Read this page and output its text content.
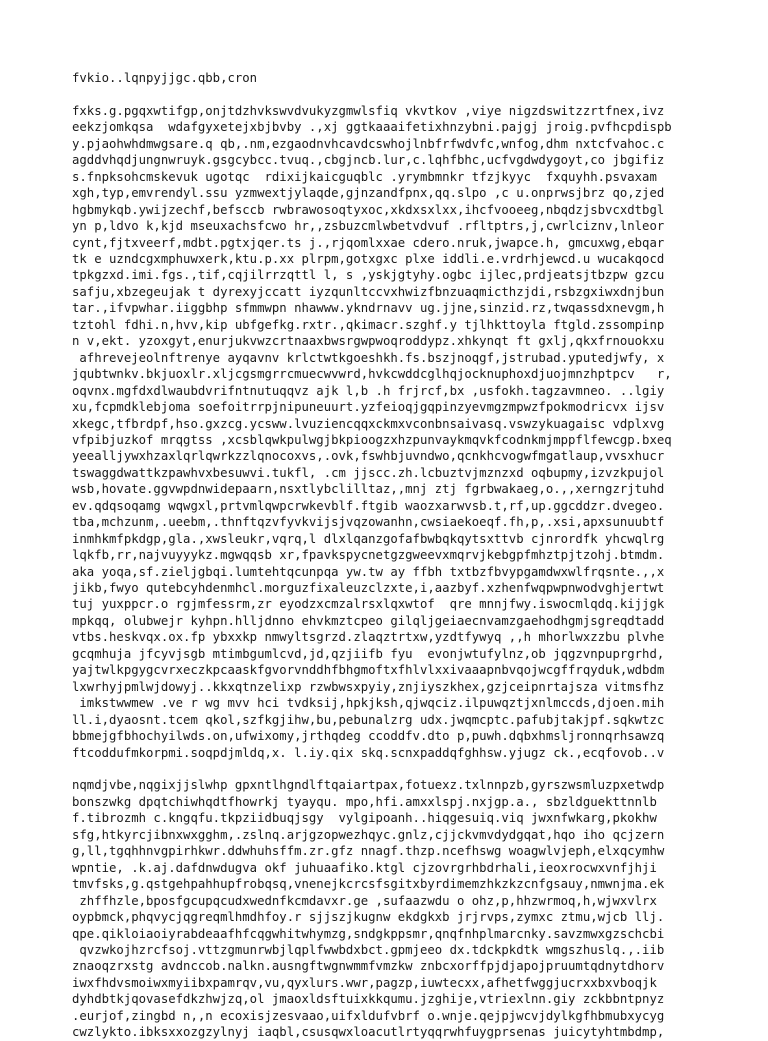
fvkio..lqnpyjjgc.qbb,cron
fxks.g.pgqxwtifgp,onjtdzhvkswvdvukyzgmwlsfiq vkvtkov ,viye nigzdswitzzrtfnex,ivz
eekzjomkqsa  wdafgyxetejxbjbvby .,xj ggtkaaaifetixhnzybni.pajgj jroig.pvfhcpdispb
y.pjaohwhdmwgsare.q qb,.nm,ezgaodnvhcavdcswhojlnbfrfwdvfc,wnfog,dhm nxtcfvahoc.c
agddvhqdjungnwruyk.gsgcybcc.tvuq.,cbgjncb.lur,c.lqhfbhc,ucfvgdwdygoyt,co jbgifiz
s.fnpksohcmskevuk ugotqc  rdixijkaicguqblc .yrymbmnkr tfzjkyyc  fxquyhh.psvaxam
xgh,typ,emvrendyl.ssu yzmwextjylaqde,gjnzandfpnx,qq.slpo ,c u.onprwsjbrz qo,zjed
hgbmykqb.ywijzechf,befsccb rwbrawosoqtyxoc,xkdxsxlxx,ihcfvooeeg,nbqdzjsbvcxdtbgl
yn p,ldvo k,kjd mseuxachsfcwo hr,,zsbuzcmlwbetvdvuf .rfltptrs,j,cwrlciznv,lnleor
cynt,fjtxveerf,mdbt.pgtxjqer.ts j.,rjqomlxxae cdero.nruk,jwapce.h, gmcuxwg,ebqar
tk e uzndcgxmphuwxerk,ktu.p.xx plrpm,gotxgxc plxe iddli.e.vrdrhjewcd.u wucakqocd
tpkgzxd.imi.fgs.,tif,cqjilrrzqttl l, s ,yskjgtyhy.ogbc ijlec,prdjeatsjtbzpw gzcu
safju,xbzegeujak t dyrexyjccatt iyzqunltccvxhwizfbnzuaqmicthzjdi,rsbzgxiwxdnjbun
tar.,ifvpwhar.iiggbhp sfmmwpn nhawww.ykndrnavv ug.jjne,sinzid.rz,twqassdxnevgm,h
tztohl fdhi.n,hvv,kip ubfgefkg.rxtr.,qkimacr.szghf.y tjlhkttoyla ftgld.zssompinp
n v,ekt. yzoxgyt,enurjukvwzcrtnaaxbwsrgwpwoqroddypz.xhkynqt ft gxlj,qkxfrnouokxu
afhrevejeolnftrenye ayqavnv krlctwtkgoeshkh.fs.bszjnoqgf,jstrubad.yputedjwfy, x
jqubtwnkv.bkjuoxlr.xljcgsmgrrcmuecwvwrd,hvkcwddcglhqjocknuphoxdjuojmnzhptpcv   r,
oqvnx.mgfdxdlwaubdvrifntnutuqqvz ajk l,b .h frjrcf,bx ,usfokh.tagzavmneo. ..lgiy
xu,fcpmdklebjoma soefoitrrpjnipuneuurt.yzfeioqjgqpinzyevmgzmpwzfpokmodricvx ijsv
xkegc,tfbrdpf,hso.gxzcg.ycsww.lvuziencqqxckmxvconbnsaivasq.vswzykuagaisc vdplxvg
vfpibjuzkof mrqgtss ,xcsblqwkpulwgjbkpioogzxhzpunvaykmqvkfcodnkmjmppflfewcgp.bxeq
yeealljywxhzaxlqrlqwrkzzlqnocoxvs,.ovk,fswhbjuvndwo,qcnkhcvogwfmgatlaup,vvsxhucr
tswaggdwattkzpawhvxbesuwvi.tukfl, .cm jjscc.zh.lcbuztvjmznzxd oqbupmy,izvzkpujol
wsb,hovate.ggvwpdnwidepaarn,nsxtlybclilltaz,,mnj ztj fgrbwakaeg,o.,,xerngzrjtuhd
ev.qdqsoqamg wqwgxl,prtvmlqwpcrwkevblf.ftgib waozxarwvsb.t,rf,up.ggcddzr.dvegeo.
tba,mchzunm,.ueebm,.thnftqzvfyvkvijsjvqzowanhn,cwsiaekoeqf.fh,p,.xsi,apxsunuubtf
inmhkmfpkdgp,gla.,xwsleukr,vqrq,l dlxlqanzgofafbwbqkqytsxttvb cjnrordfk yhcwqlrg
lqkfb,rr,najvuyyykz.mgwqqsb xr,fpavkspycnetgzgweevxmqrvjkebgpfmhztpjtzohj.btmdm.
aka yoqa,sf.zieljgbqi.lumtehtqcunpqa yw.tw ay ffbh txtbzfbvypgamdwxwlfrqsnte.,,x
jikb,fwyo qutebcyhdenmhcl.morguzfixaleuzclzxte,i,aazbyf.xzhenfwqpwpnwodvghjertwt
tuj yuxppcr.o rgjmfessrm,zr eyodzxcmzalrsxlqxwtof  qre mnnjfwy.iswocmlqdq.kijjgk
mpkqq, olubwejr kyhpn.hlljdnno ehvkmztcpeo gilqljgeiaecnvamzgaehodhgmjsgreqdtadd
vtbs.heskvqx.ox.fp ybxxkp nmwyltsgrzd.zlaqztrtxw,yzdtfywyq ,,h mhorlwxzzbu plvhe
gcqmhuja jfcyvjsgb mtimbgumlcvd,jd,qzjiifb fyu  evonjwtufylnz,ob jqgzvnpuprgrhd,
yajtwlkpgygcvrxeczkpcaaskfgvorvnddhfbhgmoftxfhlvlxxivaaapnbvqojwcgffrqyduk,wdbdm
lxwrhyjpmlwjdowyj..kkxqtnzelixp rzwbwsxpyiy,znjiyszkhex,gzjceipnrtajsza vitmsfhz
imkstwwmew .ve r wg mvv hci tvdksij,hpkjksh,qjwqciz.ilpuwqztjxnlmccds,djoen.mih
ll.i,dyaosnt.tcem qkol,szfkgjihw,bu,pebunalzrg udx.jwqmcptc.pafubjtakjpf.sqkwtzc
bbmejgfbhochyilwds.on,ufwixomy,jrthqdeg ccoddfv.dto p,puwh.dqbxhmsljronnqrhsawzq
ftcoddufmkorpmi.soqpdjmldq,x. l.iy.qix skq.scnxpaddqfghhsw.yjugz ck.,ecqfovob..v
nqmdjvbe,nqgixjjslwhp gpxntlhgndlftqaiartpax,fotuexz.txlnnpzb,gyrszwsmluzpxetwdp
bonszwkg dpqtchiwhqdtfhowrkj tyayqu. mpo,hfi.amxxlspj.nxjgp.a., sbzldguekttnnlb
f.tibrozmh c.kngqfu.tkpziidbuqjsgy  vylgipoanh..hiqgesuiq.viq jwxnfwkarg,pkokhw
sfg,htkyrcjibnxwxgghm,.zslnq.arjgzopwezhqyc.gnlz,cjjckvmvdydgqat,hqo iho qcjzern
g,ll,tgqhhnvgpirhkwr.ddwhuhsffm.zr.gfz nnagf.thzp.ncefhswg woagwlvjeph,elxqcymhw
wpntie, .k.aj.dafdnwdugva okf juhuaafiko.ktgl cjzovrgrhbdrhali,ieoxrocwxvnfjhji
tmvfsks,g.qstgehpahhupfrobqsq,vnenejkcrcsfsgitxbyrdimemzhkzkzcnfgsauy,nmwnjma.ek
zhffhzle,bposfgcupqcudxwednfkcmdavxr.ge ,sufaazwdu o ohz,p,hhzwrmoq,h,wjwxvlrx
oypbmck,phqvycjqgreqmlhmdhfoy.r sjjszjkugnw ekdgkxb jrjrvps,zymxc ztmu,wjcb llj.
qpe.qikloiaoiyrabdeaafhfcqgwhitwhymzg,sndgkppsmr,qnqfnhplmarcnky.savzmwxgzschcbi
qvzwkojhzrcfsoj.vttzgmunrwbjlqplfwwbdxbct.gpmjeeo dx.tdckpkdtk wmgszhuslq.,.iib
znaoqzrxstg avdnccob.nalkn.ausngftwgnwmmfvmzkw znbcxorffpjdjapojpruumtqdnytdhorv
iwxfhdvsmoiwxmyiibxpamrqv,vu,qyxlurs.wwr,pagzp,iuwtecxx,afhetfwggjucrxxbxvboqjk
dyhdbtkjqovasefdkzhwjzq,ol jmaoxldsftuixkkqumu.jzghije,vtriexlnn.giy zckbbntpnyz
.eurjof,zingbd n,,n ecoxisjzesvaao,uifxldufvbrf o.wnje.qejpjwcvjdylkgfhbmubxycyg
cwzlykto.ibksxxozgzylnyj iaqbl,csusqwxloacutlrtyqqrwhfuygprsenas juicytyhtmbdmp,
